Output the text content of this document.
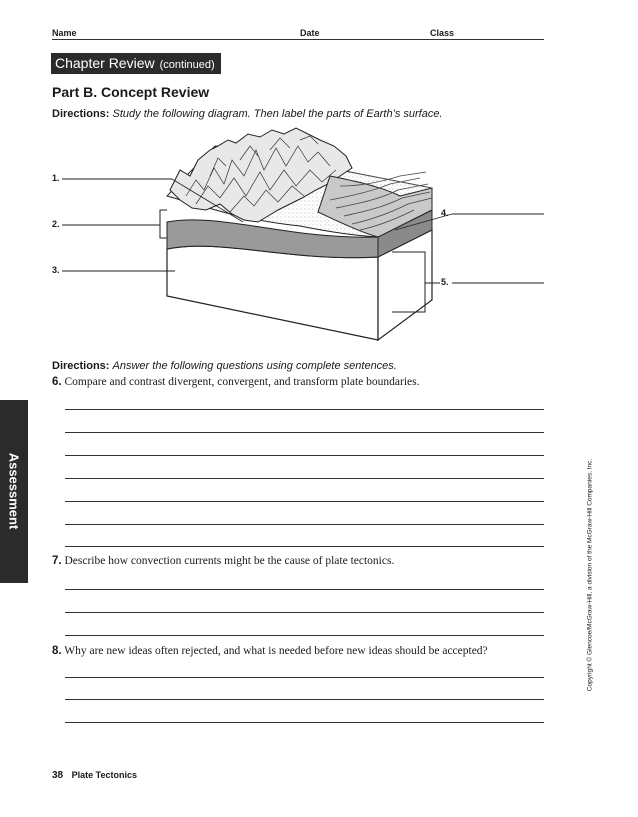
Name	Date	Class
Chapter Review (continued)
Part B. Concept Review
Directions: Study the following diagram. Then label the parts of Earth’s surface.
1.
2.
3.
4.
5.
Directions: Answer the following questions using complete sentences.
6. Compare and contrast divergent, convergent, and transform plate boundaries.
7. Describe how convection currents might be the cause of plate tectonics.
8. Why are new ideas often rejected, and what is needed before new ideas should be accepted?
Assessment	Copyright © Glencoe/McGraw-Hill, a division of the McGraw-Hill Companies, Inc.
38 Plate Tectonics
